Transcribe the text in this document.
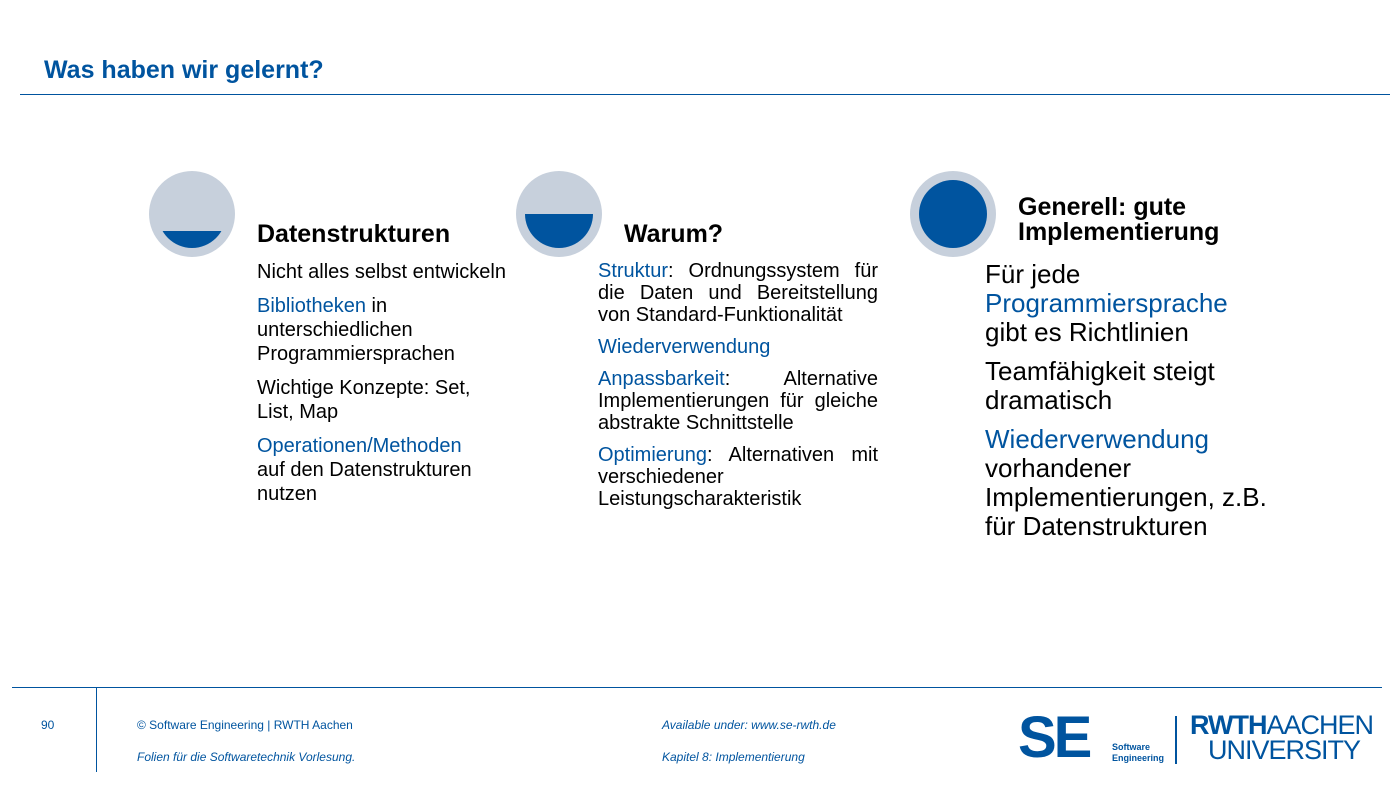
Was haben wir gelernt?
Datenstrukturen

Nicht alles selbst entwickeln

Bibliotheken in unterschiedlichen Programmiersprachen

Wichtige Konzepte: Set, List, Map

Operationen/Methoden
auf den Datenstrukturen nutzen

Warum?

Struktur: Ordnungssystem für die Daten und Bereitstellung von Standard-Funktionalität

Wiederverwendung

Anpassbarkeit: Alternative Implementierungen für gleiche abstrakte Schnittstelle

Optimierung: Alternativen mit verschiedener Leistungscharakteristik

Generell: gute
Implementierung

Für jede
Programmiersprache
gibt es Richtlinien

Teamfähigkeit steigt dramatisch

Wiederverwendung
vorhandener Implementierungen, z.B. für Datenstrukturen

90	© Software Engineering | RWTH Aachen
Folien für die Softwaretechnik Vorlesung.
Available under: www.se-rwth.de
Kapitel 8: Implementierung	SE	Software
Engineering
RWTHAACHEN
UNIVERSITY
